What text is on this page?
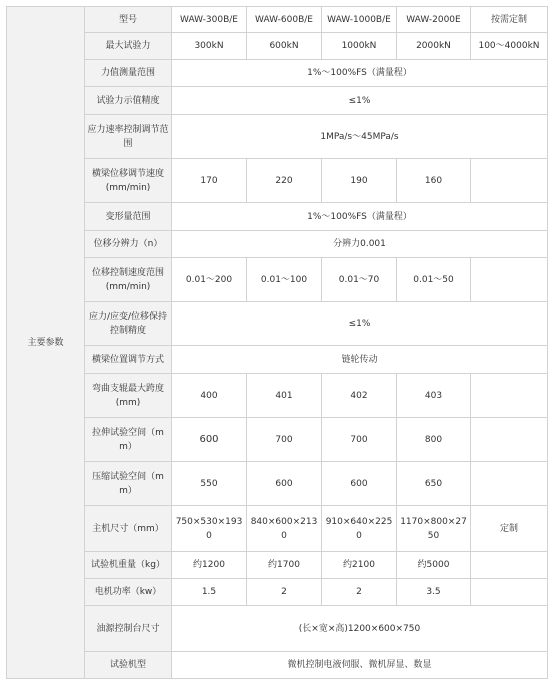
主要参数	型号	WAW-300B/E	WAW-600B/E	WAW-1000B/E	WAW-2000E	按需定制
	最大试验力	300kN	600kN	1000kN	2000kN	100～4000kN
	力值测量范围	1%～100%FS（满量程）				
	试验力示值精度	≤1%				
	应力速率控制调节范围	1MPa/s～45MPa/s				
	横梁位移调节速度(mm/min)	170	220	190	160	
	变形量范围	1%～100%FS（满量程）				
	位移分辨力（n）	分辨力0.001				
	位移控制速度范围(mm/min)	0.01～200	0.01～100	0.01～70	0.01～50	
	应力/应变/位移保持控制精度	≤1%				
	横梁位置调节方式	链轮传动				
	弯曲支辊最大跨度(mm)	400	401	402	403	
	拉伸试验空间（mm）	600	700	700	800	
	压缩试验空间（mm）	550	600	600	650	
	主机尺寸（mm）	750×530×1930	840×600×2130	910×640×2250	1170×800×2750	定制
	试验机重量（kg）	约1200	约1700	约2100	约5000	
	电机功率（kw）	1.5	2	2	3.5	
	油源控制台尺寸	(长×宽×高)1200×600×750				
	试验机型	微机控制电液伺服、微机屏显、数显				
